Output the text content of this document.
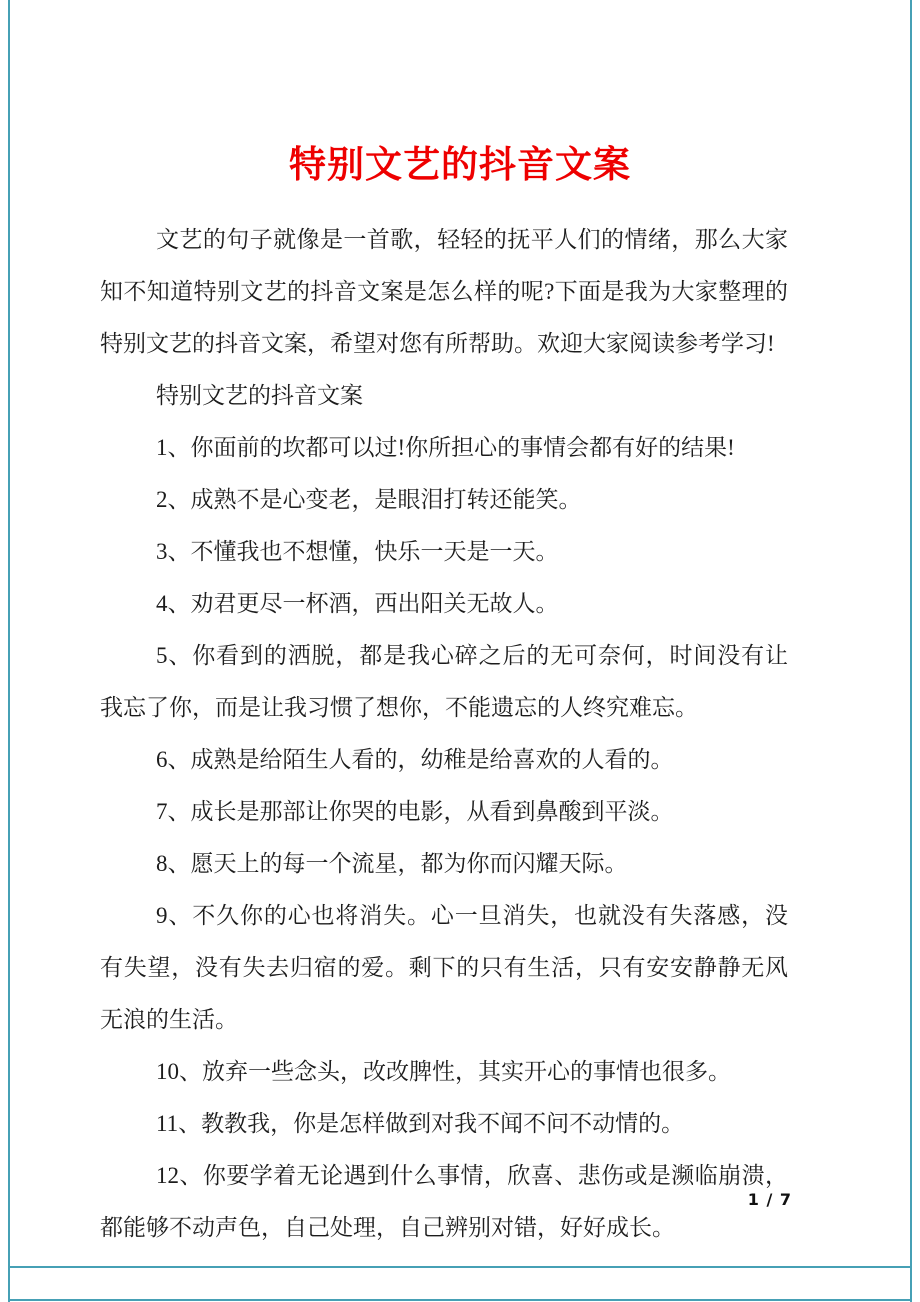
特别文艺的抖音文案

文艺的句子就像是一首歌，轻轻的抚平人们的情绪，那么大家知不知道特别文艺的抖音文案是怎么样的呢?下面是我为大家整理的特别文艺的抖音文案，希望对您有所帮助。欢迎大家阅读参考学习!

特别文艺的抖音文案

1、你面前的坎都可以过!你所担心的事情会都有好的结果!

2、成熟不是心变老，是眼泪打转还能笑。

3、不懂我也不想懂，快乐一天是一天。

4、劝君更尽一杯酒，西出阳关无故人。

5、你看到的洒脱，都是我心碎之后的无可奈何，时间没有让我忘了你，而是让我习惯了想你，不能遗忘的人终究难忘。

6、成熟是给陌生人看的，幼稚是给喜欢的人看的。

7、成长是那部让你哭的电影，从看到鼻酸到平淡。

8、愿天上的每一个流星，都为你而闪耀天际。

9、不久你的心也将消失。心一旦消失，也就没有失落感，没有失望，没有失去归宿的爱。剩下的只有生活，只有安安静静无风无浪的生活。

10、放弃一些念头，改改脾性，其实开心的事情也很多。

11、教教我，你是怎样做到对我不闻不问不动情的。

12、你要学着无论遇到什么事情，欣喜、悲伤或是濒临崩溃，都能够不动声色，自己处理，自己辨别对错，好好成长。

1 / 7
